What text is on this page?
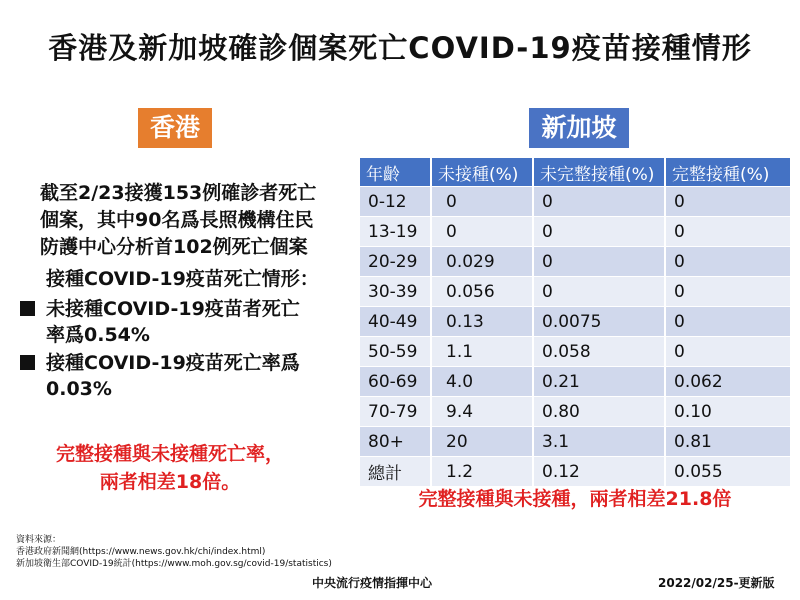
香港及新加坡確診個案死亡COVID-19疫苗接種情形
香港	新加坡
截至2/23接獲153例確診者死亡
個案，其中90名爲長照機構住民
防護中心分析首102例死亡個案
接種COVID-19疫苗死亡情形：
未接種COVID-19疫苗者死亡
率爲0.54%
接種COVID-19疫苗死亡率爲
0.03%
完整接種與未接種死亡率，
兩者相差18倍。
年齡	未接種(%)	未完整接種(%)	完整接種(%)
0-12	0	0	0
13-19	0	0	0
20-29	0.029	0	0
30-39	0.056	0	0
40-49	0.13	0.0075	0
50-59	1.1	0.058	0
60-69	4.0	0.21	0.062
70-79	9.4	0.80	0.10
80+	20	3.1	0.81
總計	1.2	0.12	0.055
完整接種與未接種，兩者相差21.8倍
資料來源：
香港政府新聞網(https://www.news.gov.hk/chi/index.html)
新加坡衛生部COVID-19統計(https://www.moh.gov.sg/covid-19/statistics)
中央流行疫情指揮中心	2022/02/25-更新版
